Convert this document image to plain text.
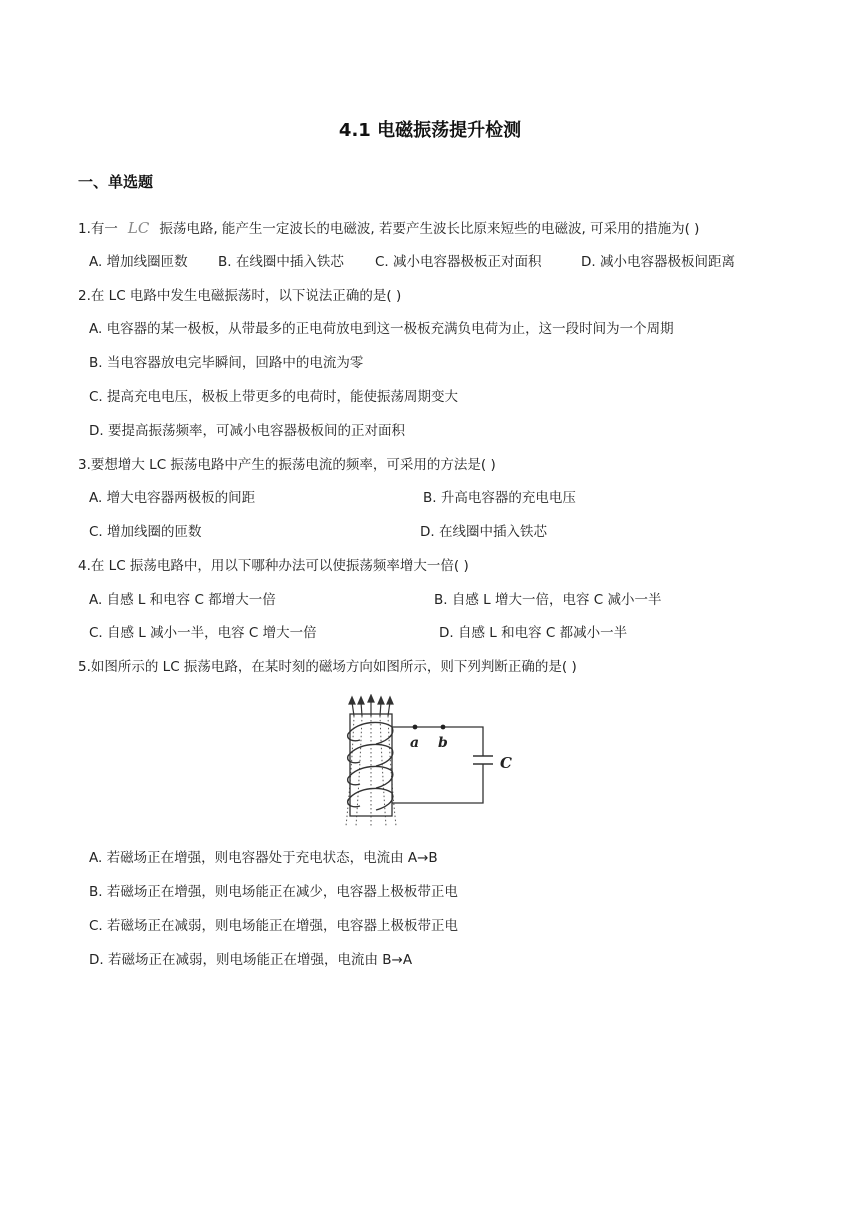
4.1 电磁振荡提升检测
一、单选题
1.有一 LC 振荡电路, 能产生一定波长的电磁波, 若要产生波长比原来短些的电磁波, 可采用的措施为( )
A. 增加线圈匝数 B. 在线圈中插入铁芯 C. 减小电容器极板正对面积	D. 减小电容器极板间距离
2.在 LC 电路中发生电磁振荡时，以下说法正确的是( )
A. 电容器的某一极板，从带最多的正电荷放电到这一极板充满负电荷为止，这一段时间为一个周期
B. 当电容器放电完毕瞬间，回路中的电流为零
C. 提高充电电压，极板上带更多的电荷时，能使振荡周期变大
D. 要提高振荡频率，可减小电容器极板间的正对面积
3.要想增大 LC 振荡电路中产生的振荡电流的频率，可采用的方法是( )
A. 增大电容器两极板的间距	B. 升高电容器的充电电压
C. 增加线圈的匝数	D. 在线圈中插入铁芯
4.在 LC 振荡电路中，用以下哪种办法可以使振荡频率增大一倍( )
A. 自感 L 和电容 C 都增大一倍	B. 自感 L 增大一倍，电容 C 减小一半
C. 自感 L 减小一半，电容 C 增大一倍	D. 自感 L 和电容 C 都减小一半
5.如图所示的 LC 振荡电路，在某时刻的磁场方向如图所示，则下列判断正确的是( )
a b
C
A. 若磁场正在增强，则电容器处于充电状态，电流由 A→B
B. 若磁场正在增强，则电场能正在减少，电容器上极板带正电
C. 若磁场正在减弱，则电场能正在增强，电容器上极板带正电
D. 若磁场正在减弱，则电场能正在增强，电流由 B→A
